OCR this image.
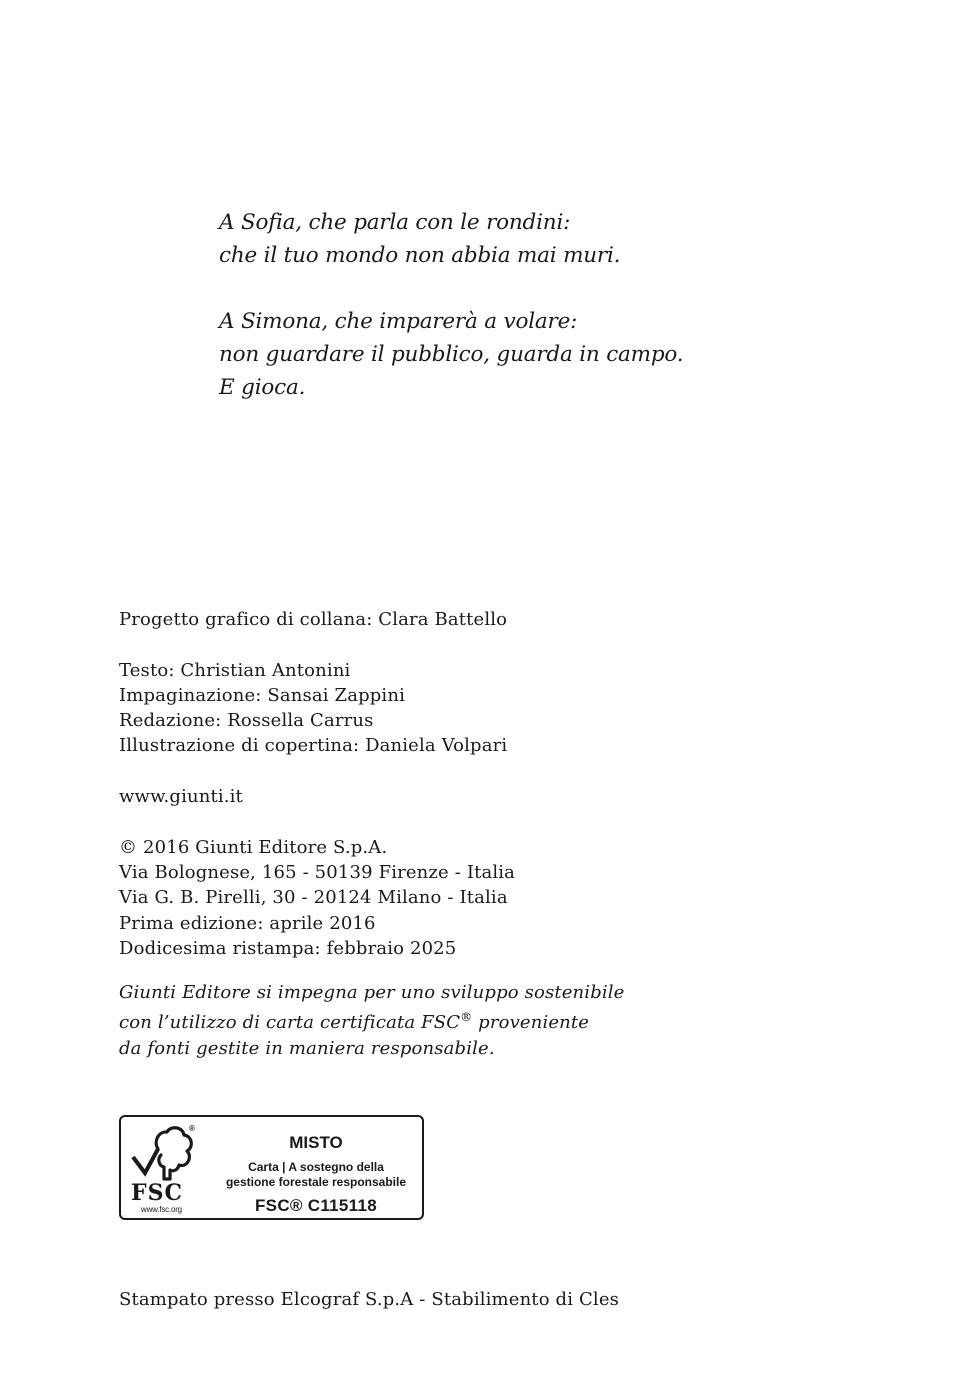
A Sofia, che parla con le rondini:
che il tuo mondo non abbia mai muri.
A Simona, che imparerà a volare:
non guardare il pubblico, guarda in campo.
E gioca.
Progetto grafico di collana: Clara Battello
Testo: Christian Antonini
Impaginazione: Sansai Zappini
Redazione: Rossella Carrus
Illustrazione di copertina: Daniela Volpari
www.giunti.it
© 2016 Giunti Editore S.p.A.
Via Bolognese, 165 - 50139 Firenze - Italia
Via G. B. Pirelli, 30 - 20124 Milano - Italia
Prima edizione: aprile 2016
Dodicesima ristampa: febbraio 2025
Giunti Editore si impegna per uno sviluppo sostenibile
con l’utilizzo di carta certificata FSC® proveniente
da fonti gestite in maniera responsabile.
®
FSC
www.fsc.org
MISTO
Carta | A sostegno della
gestione forestale responsabile
FSC® C115118
Stampato presso Elcograf S.p.A - Stabilimento di Cles
